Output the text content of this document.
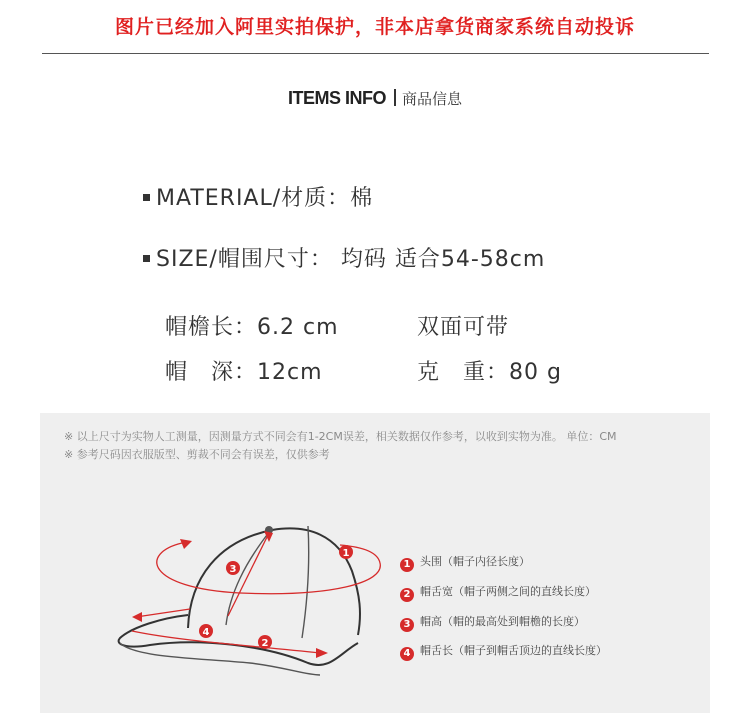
图片已经加入阿里实拍保护，非本店拿货商家系统自动投诉
ITEMS INFO 商品信息
MATERIAL/材质：棉
SIZE/帽围尺寸： 均码 适合54-58cm
帽檐长：6.2 cm	双面可带
帽　深：12cm	克　重：80 g
※ 以上尺寸为实物人工测量，因测量方式不同会有1-2CM误差，相关数据仅作参考，以收到实物为准。 单位：CM
※ 参考尺码因衣服版型、剪裁不同会有误差，仅供参考
1
2
3
4
1 头围（帽子内径长度）
2 帽舌宽（帽子两侧之间的直线长度）
3 帽高（帽的最高处到帽檐的长度）
4 帽舌长（帽子到帽舌顶边的直线长度）
